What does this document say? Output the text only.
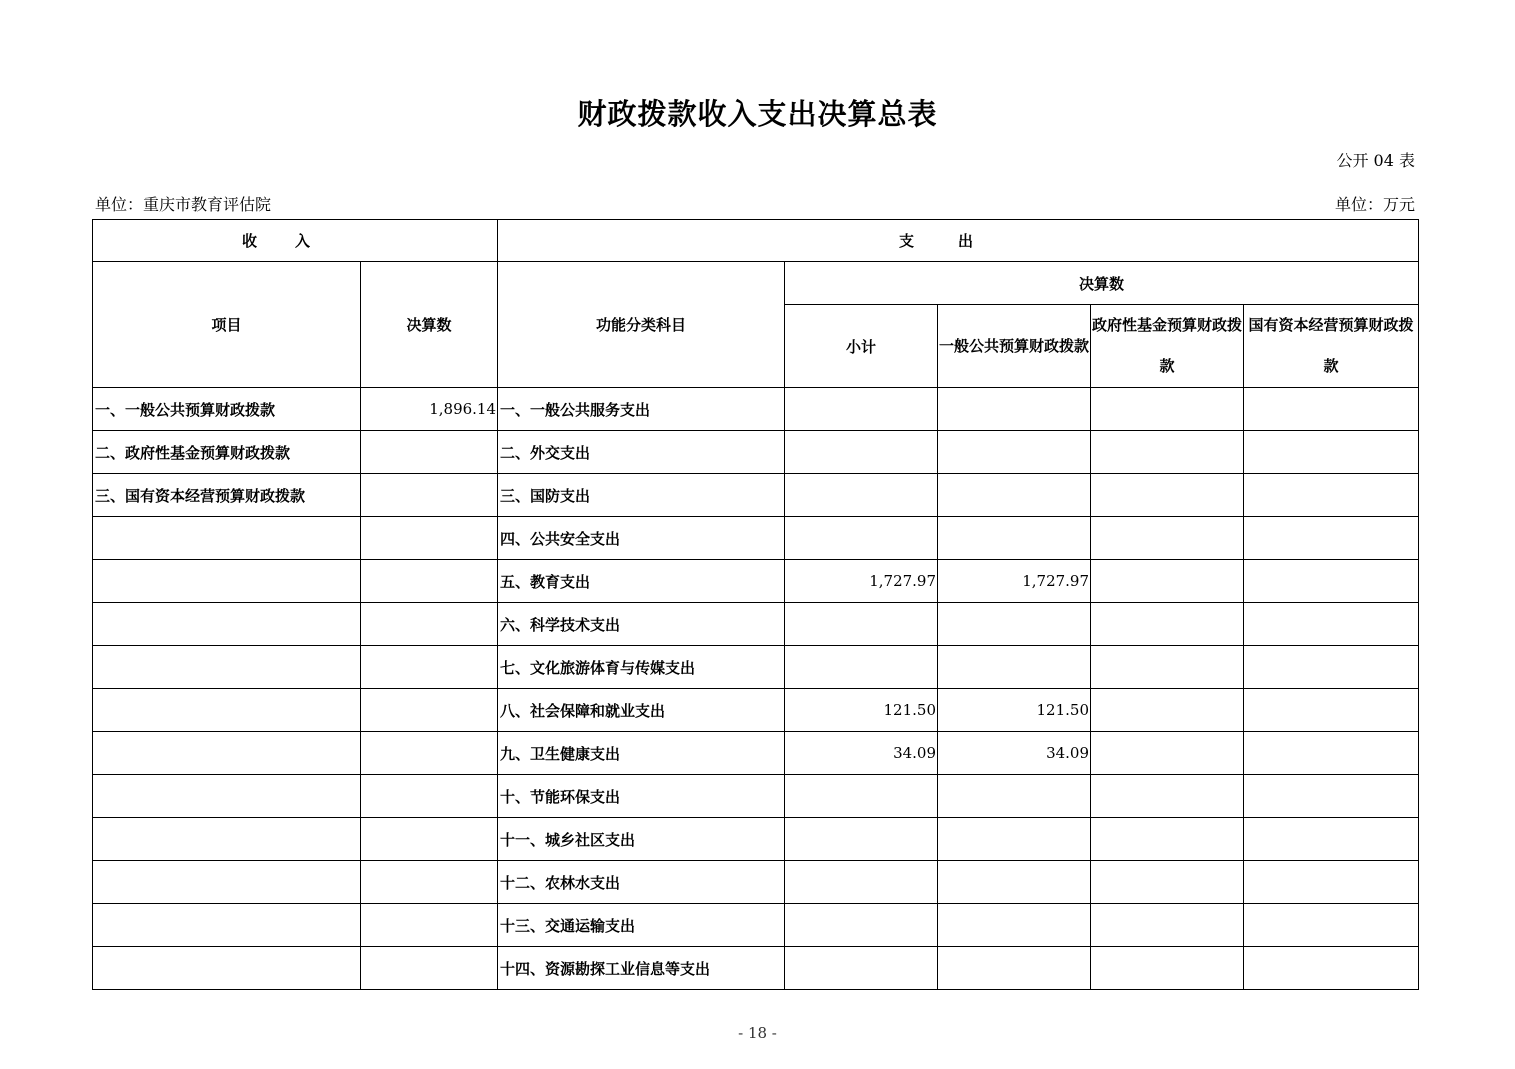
财政拨款收入支出决算总表
公开 04 表
单位：重庆市教育评估院	单位：万元
收入		支出				
项目	决算数	功能分类科目	决算数			
			小计	一般公共预算财政拨款	政府性基金预算财政拨款	国有资本经营预算财政拨款
一、一般公共预算财政拨款	1,896.14	一、一般公共服务支出				
二、政府性基金预算财政拨款		二、外交支出				
三、国有资本经营预算财政拨款		三、国防支出				
		四、公共安全支出				
		五、教育支出	1,727.97	1,727.97		
		六、科学技术支出				
		七、文化旅游体育与传媒支出				
		八、社会保障和就业支出	121.50	121.50		
		九、卫生健康支出	34.09	34.09		
		十、节能环保支出				
		十一、城乡社区支出				
		十二、农林水支出				
		十三、交通运输支出				
		十四、资源勘探工业信息等支出				
- 18 -
